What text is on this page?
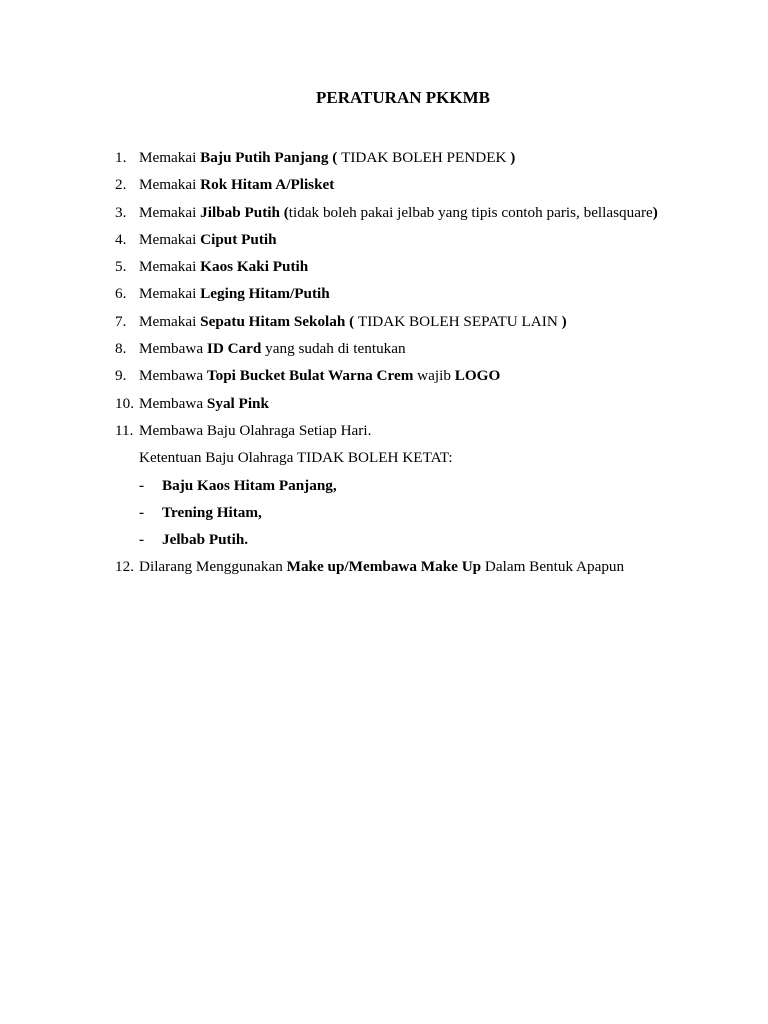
PERATURAN PKKMB
1. Memakai Baju Putih Panjang ( TIDAK BOLEH PENDEK )
2. Memakai Rok Hitam A/Plisket
3. Memakai Jilbab Putih (tidak boleh pakai jelbab yang tipis contoh paris, bellasquare)
4. Memakai Ciput Putih
5. Memakai Kaos Kaki Putih
6. Memakai Leging Hitam/Putih
7. Memakai Sepatu Hitam Sekolah ( TIDAK BOLEH SEPATU LAIN )
8. Membawa ID Card yang sudah di tentukan
9. Membawa Topi Bucket Bulat Warna Crem wajib LOGO
10. Membawa Syal Pink
11. Membawa Baju Olahraga Setiap Hari.
Ketentuan Baju Olahraga TIDAK BOLEH KETAT:
- Baju Kaos Hitam Panjang,
- Trening Hitam,
- Jelbab Putih.
12. Dilarang Menggunakan Make up/Membawa Make Up Dalam Bentuk Apapun
